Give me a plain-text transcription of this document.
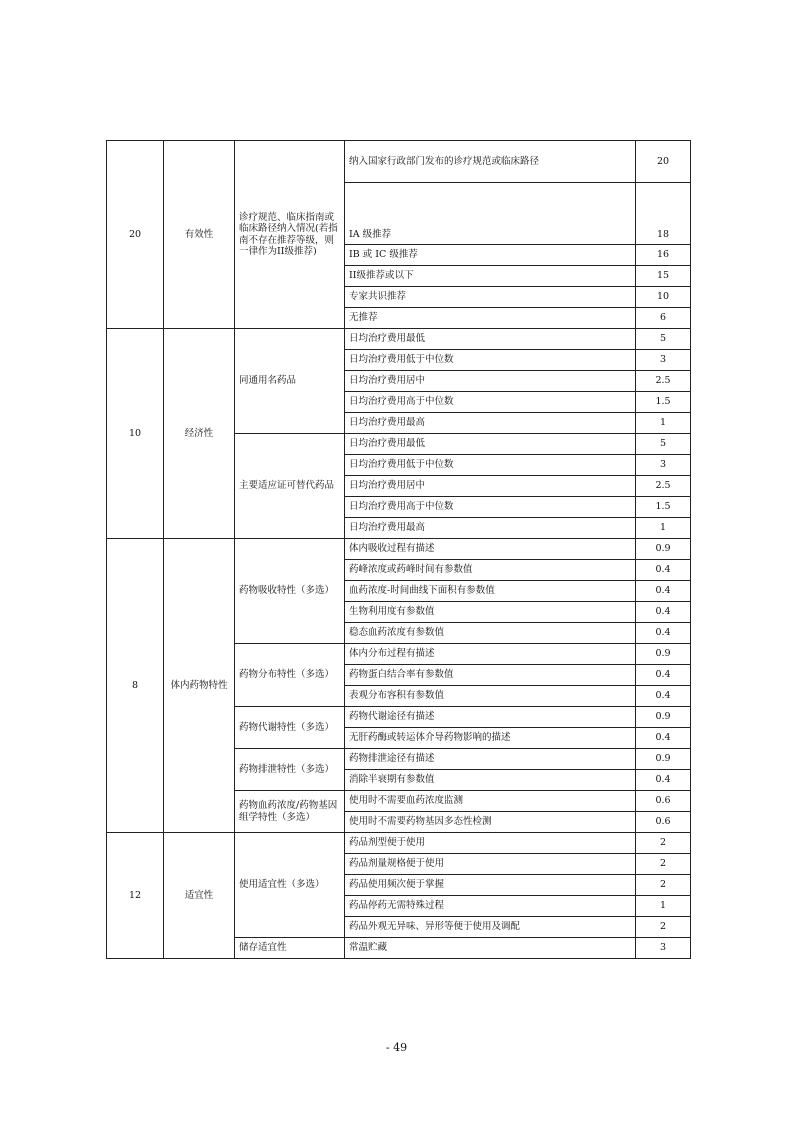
20	有效性	诊疗规范、临床指南或临床路径纳入情况(若指南不存在推荐等级，则一律作为II级推荐)	纳入国家行政部门发布的诊疗规范或临床路径	20
			IA 级推荐	18
			IB 或 IC 级推荐	16
			II级推荐或以下	15
			专家共识推荐	10
			无推荐	6
10	经济性	同通用名药品	日均治疗费用最低	5
			日均治疗费用低于中位数	3
			日均治疗费用居中	2.5
			日均治疗费用高于中位数	1.5
			日均治疗费用最高	1
		主要适应证可替代药品	日均治疗费用最低	5
			日均治疗费用低于中位数	3
			日均治疗费用居中	2.5
			日均治疗费用高于中位数	1.5
			日均治疗费用最高	1
8	体内药物特性	药物吸收特性（多选）	体内吸收过程有描述	0.9
			药峰浓度或药峰时间有参数值	0.4
			血药浓度-时间曲线下面积有参数值	0.4
			生物利用度有参数值	0.4
			稳态血药浓度有参数值	0.4
		药物分布特性（多选）	体内分布过程有描述	0.9
			药物蛋白结合率有参数值	0.4
			表观分布容积有参数值	0.4
		药物代谢特性（多选）	药物代谢途径有描述	0.9
			无肝药酶或转运体介导药物影响的描述	0.4
		药物排泄特性（多选）	药物排泄途径有描述	0.9
			消除半衰期有参数值	0.4
		药物血药浓度/药物基因组学特性（多选）	使用时不需要血药浓度监测	0.6
			使用时不需要药物基因多态性检测	0.6
12	适宜性	使用适宜性（多选）	药品剂型便于使用	2
			药品剂量规格便于使用	2
			药品使用频次便于掌握	2
			药品停药无需特殊过程	1
			药品外观无异味、异形等便于使用及调配	2
		储存适宜性	常温贮藏	3
- 49
